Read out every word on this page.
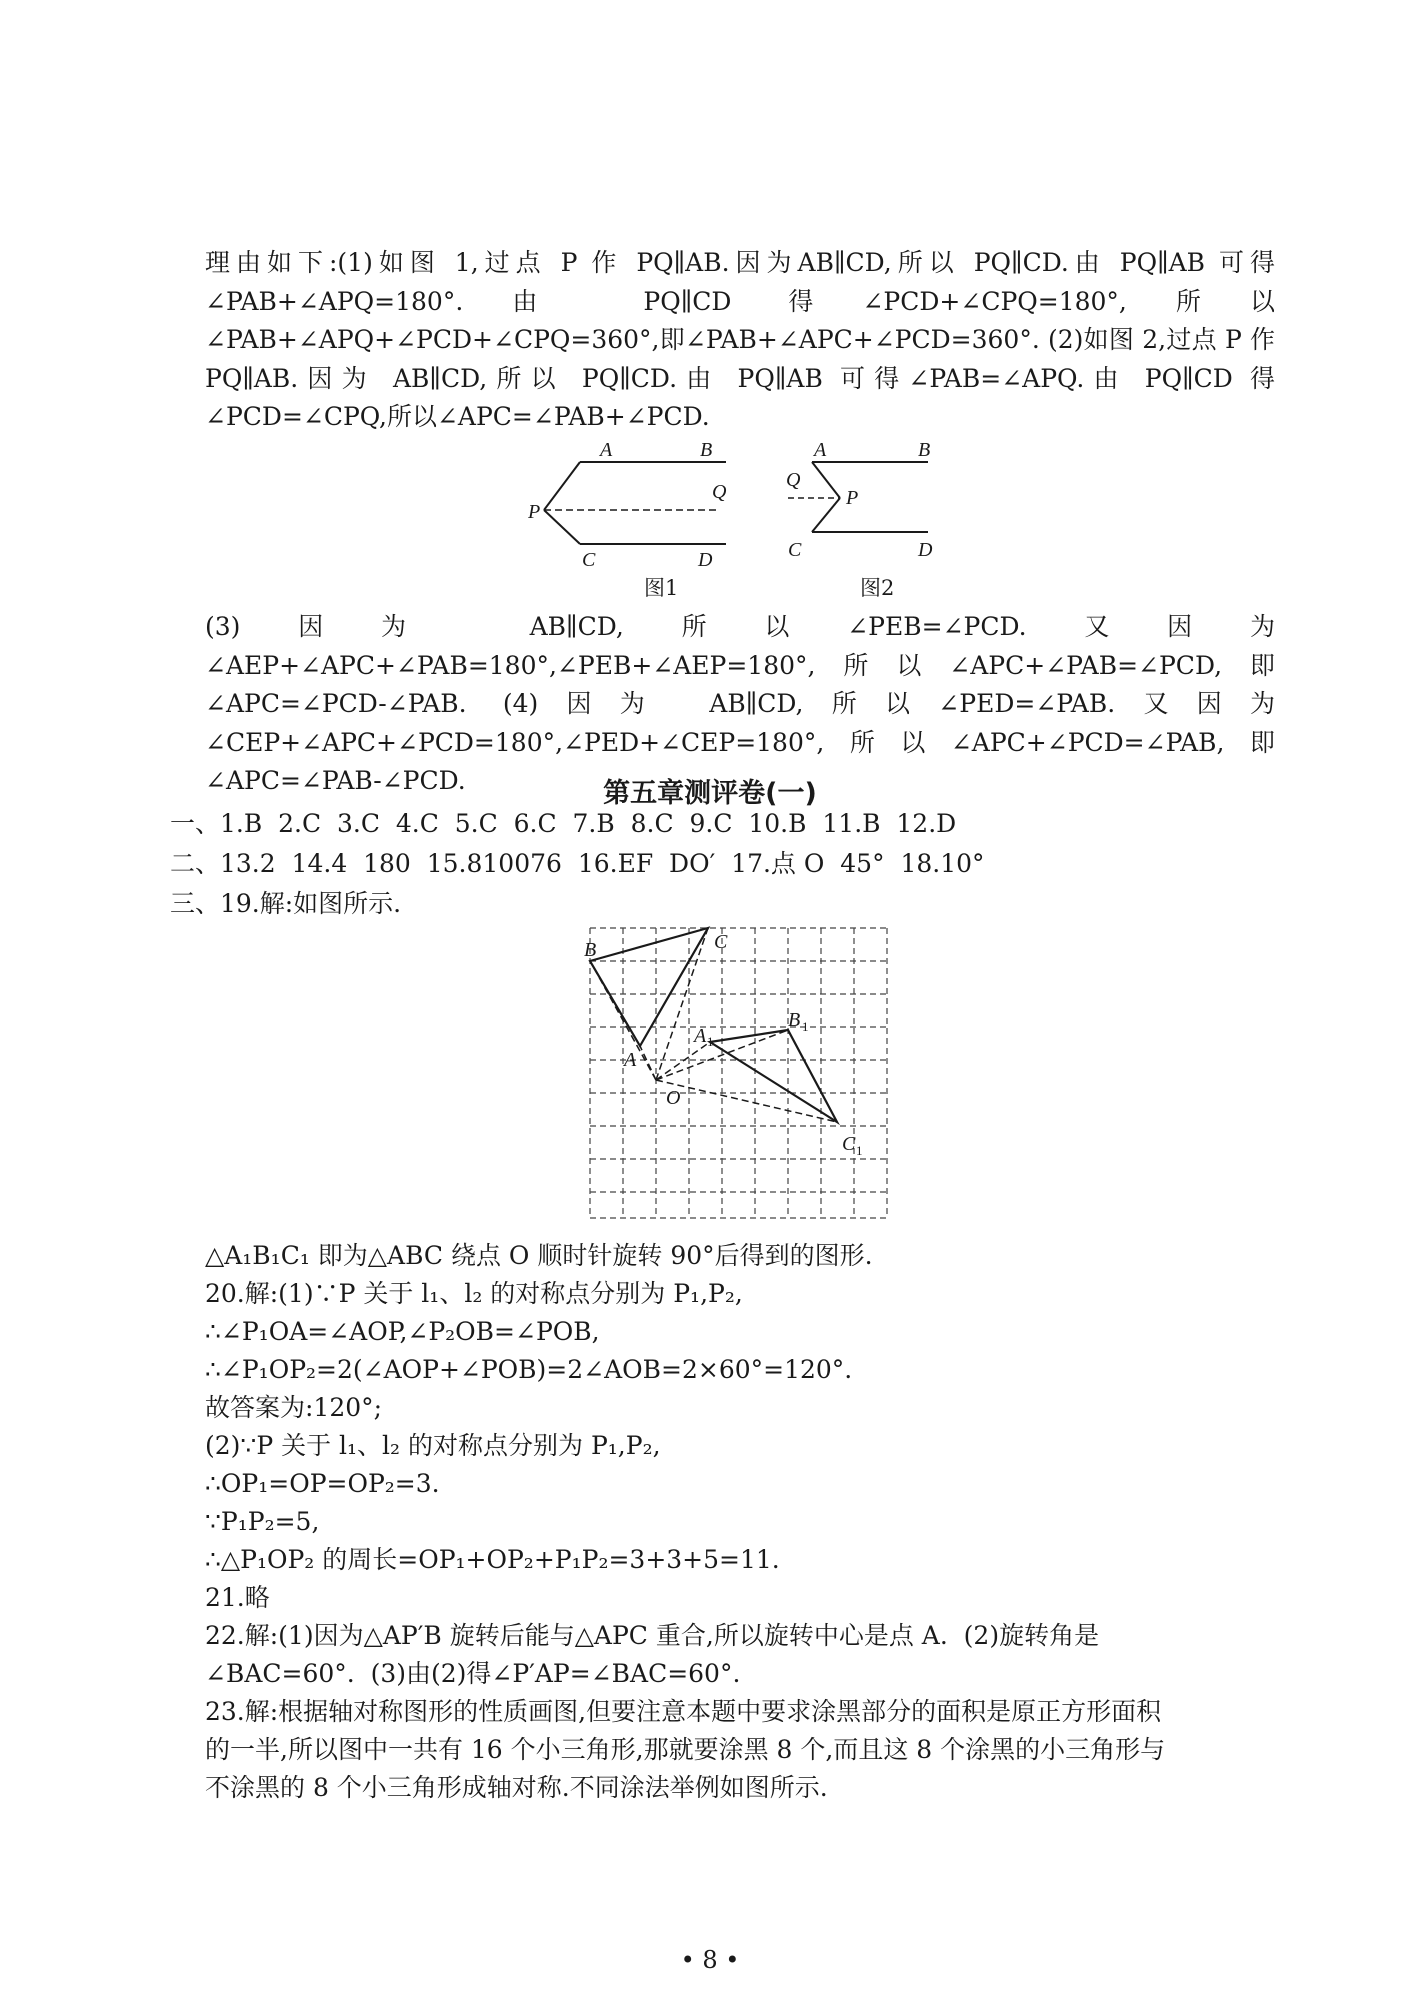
理由如下:(1)如图 1,过点 P 作 PQ∥AB.因为AB∥CD,所以 PQ∥CD.由 PQ∥AB 可得∠PAB+∠APQ=180°.由 PQ∥CD 得∠PCD+∠CPQ=180°,所以∠PAB+∠APQ+∠PCD+∠CPQ=360°,即∠PAB+∠APC+∠PCD=360°. (2)如图 2,过点 P 作 PQ∥AB.因为 AB∥CD,所以 PQ∥CD.由 PQ∥AB 可得∠PAB=∠APQ.由 PQ∥CD 得∠PCD=∠CPQ,所以∠APC=∠PAB+∠PCD.
A	B
P
Q
C	D
图1
A	B
Q
P
C	D
图2
(3)因为 AB∥CD,所以∠PEB=∠PCD.又因为∠AEP+∠APC+∠PAB=180°,∠PEB+∠AEP=180°,所以∠APC+∠PAB=∠PCD,即∠APC=∠PCD-∠PAB. (4)因为 AB∥CD,所以∠PED=∠PAB.又因为∠CEP+∠APC+∠PCD=180°,∠PED+∠CEP=180°,所以∠APC+∠PCD=∠PAB,即∠APC=∠PAB-∠PCD.	第五章测评卷(一)
一、1.B  2.C  3.C  4.C  5.C  6.C  7.B  8.C  9.C  10.B  11.B  12.D
二、13.2  14.4  180  15.810076  16.EF  DO′  17.点 O  45°  18.10°
三、19.解:如图所示.
B	C
B 1
A 1
A
O
C 1
△A₁B₁C₁ 即为△ABC 绕点 O 顺时针旋转 90°后得到的图形.
20.解:(1)∵P 关于 l₁、l₂ 的对称点分别为 P₁,P₂,
∴∠P₁OA=∠AOP,∠P₂OB=∠POB,
∴∠P₁OP₂=2(∠AOP+∠POB)=2∠AOB=2×60°=120°.
故答案为:120°;
(2)∵P 关于 l₁、l₂ 的对称点分别为 P₁,P₂,
∴OP₁=OP=OP₂=3.
∵P₁P₂=5,
∴△P₁OP₂ 的周长=OP₁+OP₂+P₁P₂=3+3+5=11.
21.略
22.解:(1)因为△AP′B 旋转后能与△APC 重合,所以旋转中心是点 A.  (2)旋转角是
∠BAC=60°.  (3)由(2)得∠P′AP=∠BAC=60°.
23.解:根据轴对称图形的性质画图,但要注意本题中要求涂黑部分的面积是原正方形面积
的一半,所以图中一共有 16 个小三角形,那就要涂黑 8 个,而且这 8 个涂黑的小三角形与
不涂黑的 8 个小三角形成轴对称.不同涂法举例如图所示.
• 8 •
